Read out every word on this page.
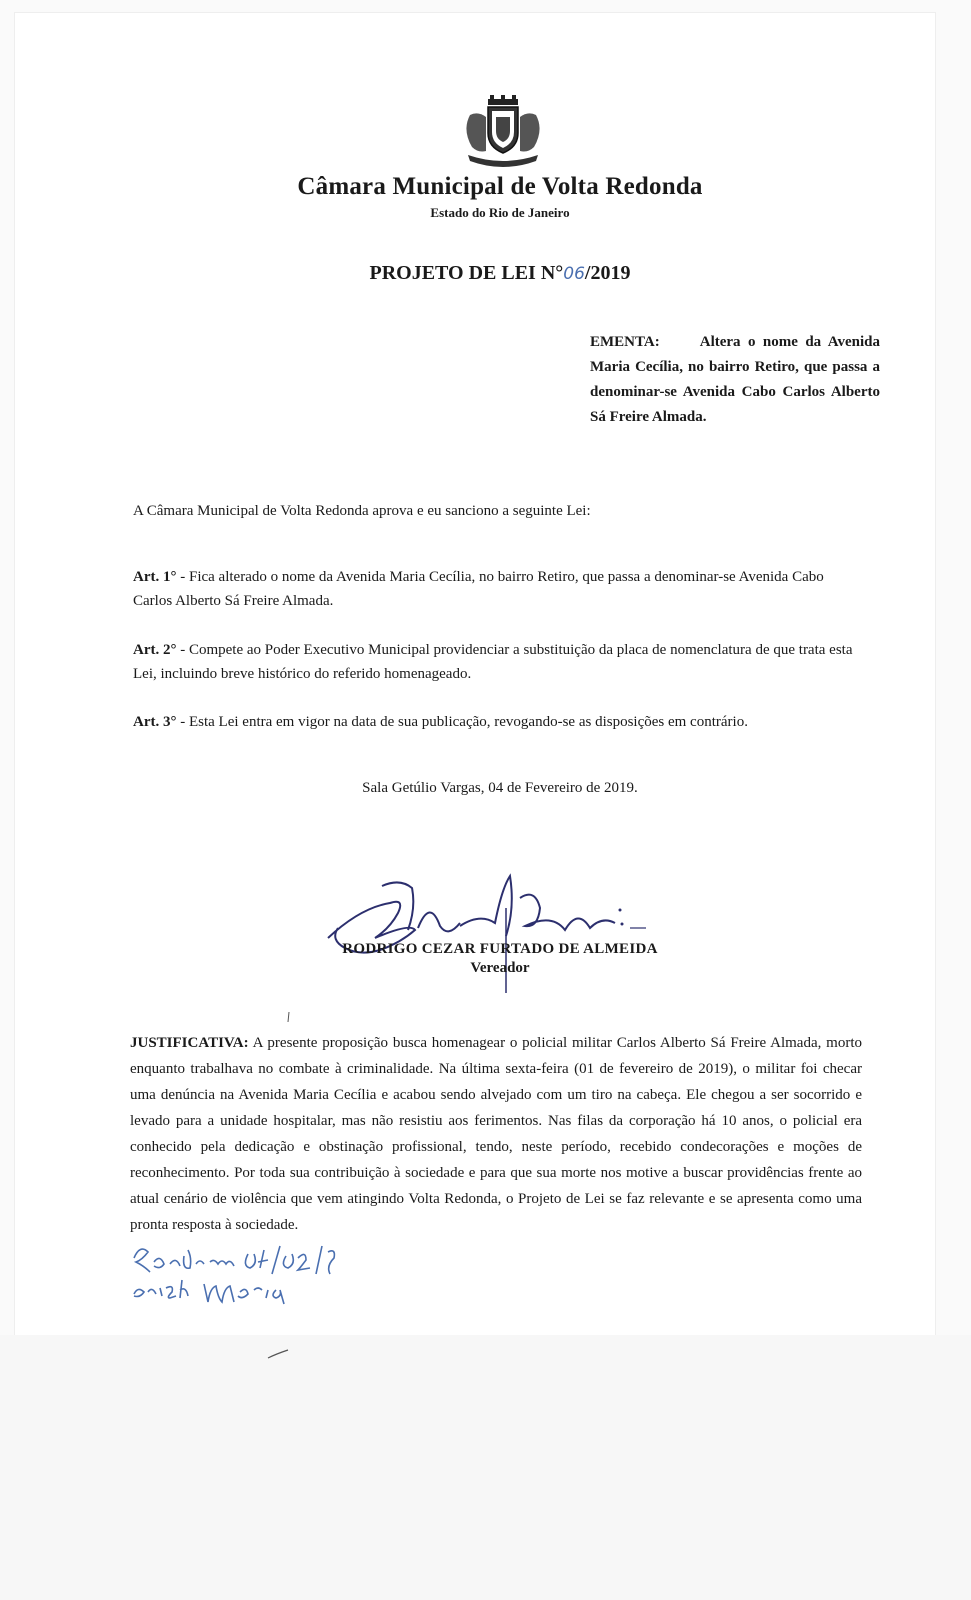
Câmara Municipal de Volta Redonda
Estado do Rio de Janeiro
PROJETO DE LEI N°06/2019
EMENTA:	Altera o nome da Avenida Maria Cecília, no bairro Retiro, que passa a denominar-se Avenida Cabo Carlos Alberto Sá Freire Almada.
A Câmara Municipal de Volta Redonda aprova e eu sanciono a seguinte Lei:
Art. 1° - Fica alterado o nome da Avenida Maria Cecília, no bairro Retiro, que passa a denominar-se Avenida Cabo Carlos Alberto Sá Freire Almada.
Art. 2° - Compete ao Poder Executivo Municipal providenciar a substituição da placa de nomenclatura de que trata esta Lei, incluindo breve histórico do referido homenageado.
Art. 3° - Esta Lei entra em vigor na data de sua publicação, revogando-se as disposições em contrário.
Sala Getúlio Vargas, 04 de Fevereiro de 2019.
RODRIGO CEZAR FURTADO DE ALMEIDA
Vereador
JUSTIFICATIVA: A presente proposição busca homenagear o policial militar Carlos Alberto Sá Freire Almada, morto enquanto trabalhava no combate à criminalidade. Na última sexta-feira (01 de fevereiro de 2019), o militar foi checar uma denúncia na Avenida Maria Cecília e acabou sendo alvejado com um tiro na cabeça. Ele chegou a ser socorrido e levado para a unidade hospitalar, mas não resistiu aos ferimentos. Nas filas da corporação há 10 anos, o policial era conhecido pela dedicação e obstinação profissional, tendo, neste período, recebido condecorações e moções de reconhecimento. Por toda sua contribuição à sociedade e para que sua morte nos motive a buscar providências frente ao atual cenário de violência que vem atingindo Volta Redonda, o Projeto de Lei se faz relevante e se apresenta como uma pronta resposta à sociedade.
